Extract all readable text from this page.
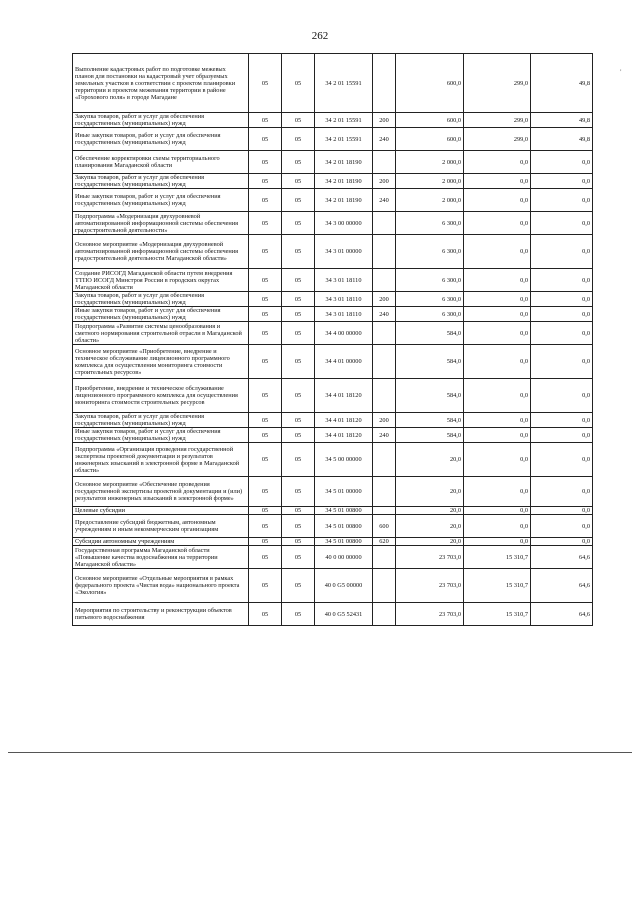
262
,
Выполнение кадастровых работ по подготовке межевых планов для постановки на кадастровый учет образуемых земельных участков в соответствии с проектом планировки территории и проектом межевания территории в районе «Горохового поля» в городе Магадане	05	05	34 2 01 15591		600,0	299,0	49,8
Закупка товаров, работ и услуг для обеспечения государственных (муниципальных) нужд	05	05	34 2 01 15591	200	600,0	299,0	49,8
Иные закупки товаров, работ и услуг для обеспечения государственных (муниципальных) нужд	05	05	34 2 01 15591	240	600,0	299,0	49,8
Обеспечение корректировки схемы территориального планирования Магаданской области	05	05	34 2 01 18190		2 000,0	0,0	0,0
Закупка товаров, работ и услуг для обеспечения государственных (муниципальных) нужд	05	05	34 2 01 18190	200	2 000,0	0,0	0,0
Иные закупки товаров, работ и услуг для обеспечения государственных (муниципальных) нужд	05	05	34 2 01 18190	240	2 000,0	0,0	0,0
Подпрограмма «Модернизация двухуровневой автоматизированной информационной системы обеспечения градостроительной деятельности»	05	05	34 3 00 00000		6 300,0	0,0	0,0
Основное мероприятие «Модернизация двухуровневой автоматизированной информационной системы обеспечения градостроительной деятельности Магаданской области»	05	05	34 3 01 00000		6 300,0	0,0	0,0
Создание РИСОГД Магаданской области путем внедрения ТТПО ИСОГД Минстроя России в городских округах Магаданской области	05	05	34 3 01 18110		6 300,0	0,0	0,0
Закупка товаров, работ и услуг для обеспечения государственных (муниципальных) нужд	05	05	34 3 01 18110	200	6 300,0	0,0	0,0
Иные закупки товаров, работ и услуг для обеспечения государственных (муниципальных) нужд	05	05	34 3 01 18110	240	6 300,0	0,0	0,0
Подпрограмма «Развитие системы ценообразования и сметного нормирования строительной отрасли в Магаданской области»	05	05	34 4 00 00000		584,0	0,0	0,0
Основное мероприятие «Приобретение, внедрение и техническое обслуживание лицензионного программного комплекса для осуществления мониторинга стоимости строительных ресурсов»	05	05	34 4 01 00000		584,0	0,0	0,0
Приобретение, внедрение и техническое обслуживание лицензионного программного комплекса для осуществления мониторинга стоимости строительных ресурсов	05	05	34 4 01 18120		584,0	0,0	0,0
Закупка товаров, работ и услуг для обеспечения государственных (муниципальных) нужд	05	05	34 4 01 18120	200	584,0	0,0	0,0
Иные закупки товаров, работ и услуг для обеспечения государственных (муниципальных) нужд	05	05	34 4 01 18120	240	584,0	0,0	0,0
Подпрограмма «Организация проведения государственной экспертизы проектной документации и результатов инженерных изысканий в электронной форме в Магаданской области»	05	05	34 5 00 00000		20,0	0,0	0,0
Основное мероприятие «Обеспечение проведения государственной экспертизы проектной документации и (или) результатов инженерных изысканий в электронной форме»	05	05	34 5 01 00000		20,0	0,0	0,0
Целевые субсидии	05	05	34 5 01 00800		20,0	0,0	0,0
Предоставление субсидий бюджетным, автономным учреждениям и иным некоммерческим организациям	05	05	34 5 01 00800	600	20,0	0,0	0,0
Субсидии автономным учреждениям	05	05	34 5 01 00800	620	20,0	0,0	0,0
Государственная программа Магаданской области «Повышение качества водоснабжения на территории Магаданской области»	05	05	40 0 00 00000		23 703,0	15 310,7	64,6
Основное мероприятие «Отдельные мероприятия в рамках федерального проекта «Чистая вода» национального проекта «Экология»	05	05	40 0 G5 00000		23 703,0	15 310,7	64,6
Мероприятия по строительству и реконструкции объектов питьевого водоснабжения	05	05	40 0 G5 52431		23 703,0	15 310,7	64,6
